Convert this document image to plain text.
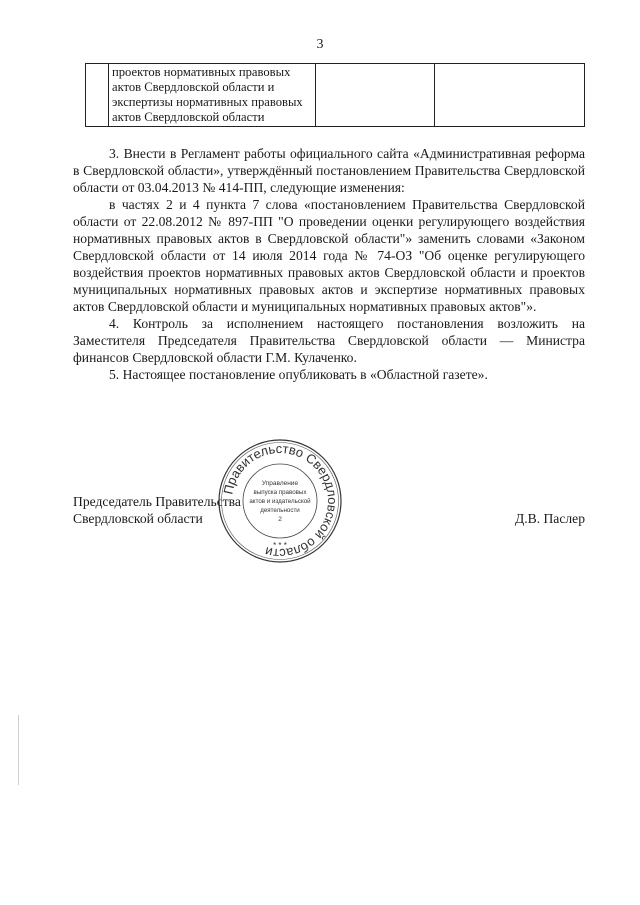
3

проектов нормативных правовых
актов Свердловской области и
экспертизы нормативных правовых
актов Свердловской области

3. Внести в Регламент работы официального сайта «Административная реформа в Свердловской области», утверждённый постановлением Правительства Свердловской области от 03.04.2013 № 414-ПП, следующие изменения:

в частях 2 и 4 пункта 7 слова «постановлением Правительства Свердловской области от 22.08.2012 № 897-ПП "О проведении оценки регулирующего воздействия нормативных правовых актов в Свердловской области"» заменить словами «Законом Свердловской области от 14 июля 2014 года № 74-ОЗ "Об оценке регулирующего воздействия проектов нормативных правовых актов Свердловской области и проектов муниципальных нормативных правовых актов и экспертизе нормативных правовых актов Свердловской области и муниципальных нормативных правовых актов"».

4. Контроль за исполнением настоящего постановления возложить на Заместителя Председателя Правительства Свердловской области — Министра финансов Свердловской области Г.М. Кулаченко.

5. Настоящее постановление опубликовать в «Областной газете».

Председатель Правительства
Свердловской области
Правительство Свердловской области
Управление
выпуска правовых
актов и издательской
деятельности
2
* * *
Д.В. Паслер
